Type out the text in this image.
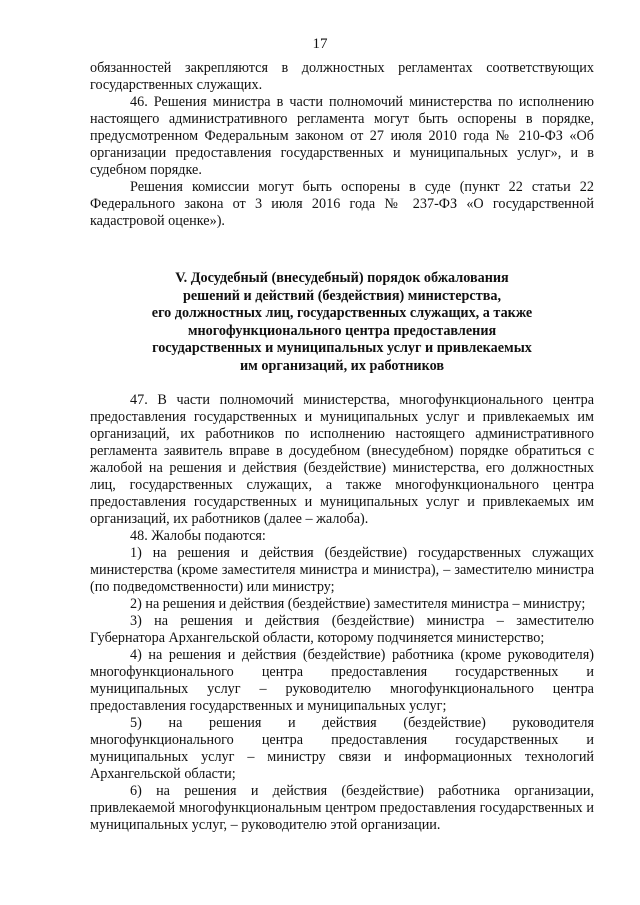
17

обязанностей закрепляются в должностных регламентах соответствующих государственных служащих.

46. Решения министра в части полномочий министерства по исполнению настоящего административного регламента могут быть оспорены в порядке, предусмотренном Федеральным законом от 27 июля 2010 года № 210-ФЗ «Об организации предоставления государственных и муниципальных услуг», и в судебном порядке.

Решения комиссии могут быть оспорены в суде (пункт 22 статьи 22 Федерального закона от 3 июля 2016 года № 237-ФЗ «О государственной кадастровой оценке»).

V. Досудебный (внесудебный) порядок обжалования
решений и действий (бездействия) министерства,
его должностных лиц, государственных служащих, а также
многофункционального центра предоставления
государственных и муниципальных услуг и привлекаемых
им организаций, их работников

47. В части полномочий министерства, многофункционального центра предоставления государственных и муниципальных услуг и привлекаемых им организаций, их работников по исполнению настоящего административного регламента заявитель вправе в досудебном (внесудебном) порядке обратиться с жалобой на решения и действия (бездействие) министерства, его должностных лиц, государственных служащих, а также многофункционального центра предоставления государственных и муниципальных услуг и привлекаемых им организаций, их работников (далее – жалоба).

48. Жалобы подаются:

1) на решения и действия (бездействие) государственных служащих министерства (кроме заместителя министра и министра), – заместителю министра (по подведомственности) или министру;

2) на решения и действия (бездействие) заместителя министра – министру;

3) на решения и действия (бездействие) министра – заместителю Губернатора Архангельской области, которому подчиняется министерство;

4) на решения и действия (бездействие) работника (кроме руководителя) многофункционального центра предоставления государственных и муниципальных услуг – руководителю многофункционального центра предоставления государственных и муниципальных услуг;

5) на решения и действия (бездействие) руководителя многофункционального центра предоставления государственных и муниципальных услуг – министру связи и информационных технологий Архангельской области;

6) на решения и действия (бездействие) работника организации, привлекаемой многофункциональным центром предоставления государственных и муниципальных услуг, – руководителю этой организации.
